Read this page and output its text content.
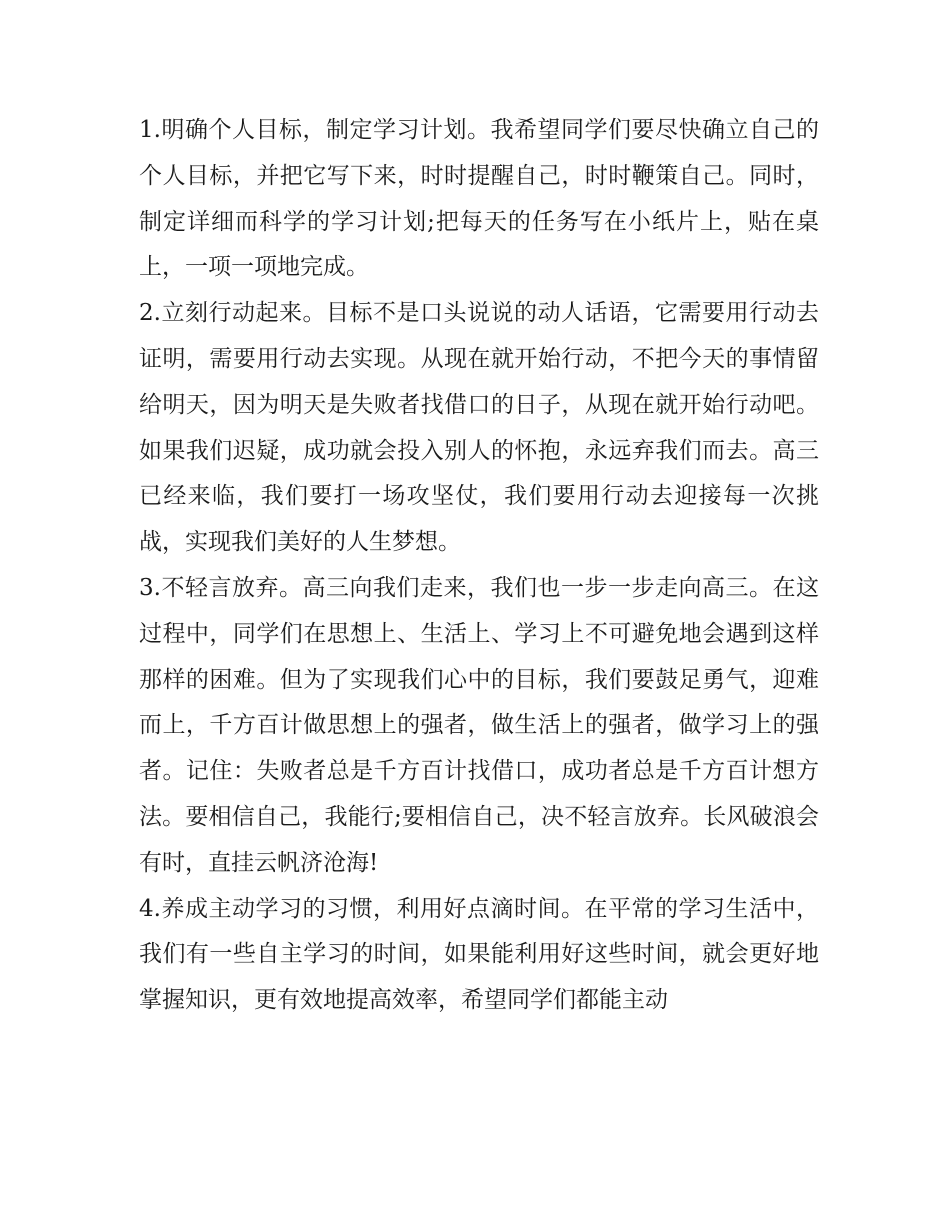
1.明确个人目标，制定学习计划。我希望同学们要尽快确立自己的个人目标，并把它写下来，时时提醒自己，时时鞭策自己。同时，制定详细而科学的学习计划;把每天的任务写在小纸片上，贴在桌上，一项一项地完成。

2.立刻行动起来。目标不是口头说说的动人话语，它需要用行动去证明，需要用行动去实现。从现在就开始行动，不把今天的事情留给明天，因为明天是失败者找借口的日子，从现在就开始行动吧。如果我们迟疑，成功就会投入别人的怀抱，永远弃我们而去。高三已经来临，我们要打一场攻坚仗，我们要用行动去迎接每一次挑战，实现我们美好的人生梦想。

3.不轻言放弃。高三向我们走来，我们也一步一步走向高三。在这过程中，同学们在思想上、生活上、学习上不可避免地会遇到这样那样的困难。但为了实现我们心中的目标，我们要鼓足勇气，迎难而上，千方百计做思想上的强者，做生活上的强者，做学习上的强者。记住：失败者总是千方百计找借口，成功者总是千方百计想方法。要相信自己，我能行;要相信自己，决不轻言放弃。长风破浪会有时，直挂云帆济沧海!

4.养成主动学习的习惯，利用好点滴时间。在平常的学习生活中，我们有一些自主学习的时间，如果能利用好这些时间，就会更好地掌握知识，更有效地提高效率，希望同学们都能主动
